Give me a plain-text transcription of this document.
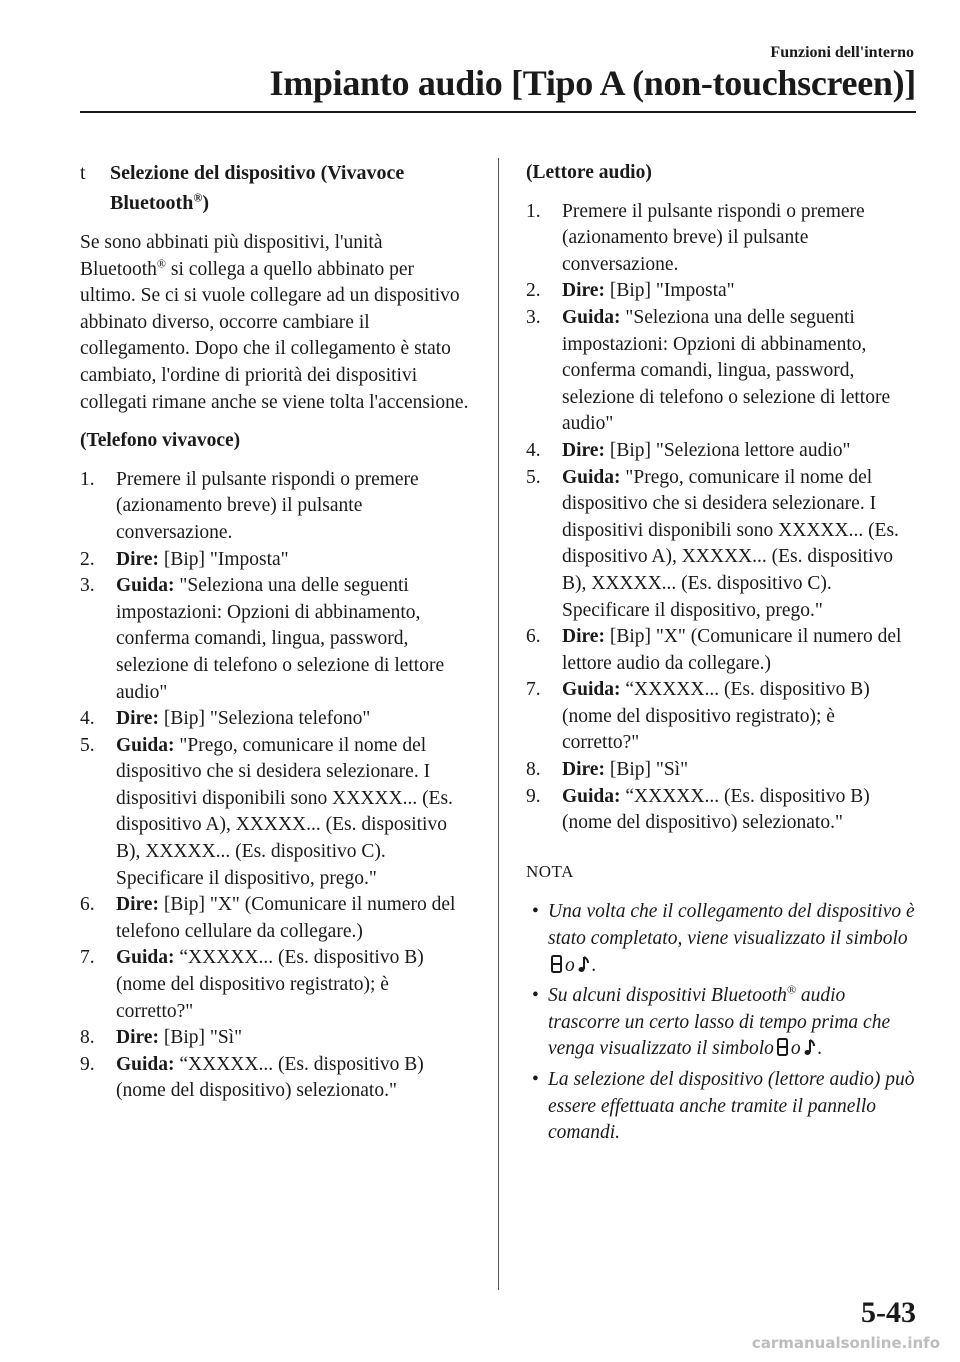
Funzioni dell'interno
Impianto audio [Tipo A (non-touchscreen)]
t Selezione del dispositivo (Vivavoce Bluetooth®)

Se sono abbinati più dispositivi, l'unità Bluetooth® si collega a quello abbinato per ultimo. Se ci si vuole collegare ad un dispositivo abbinato diverso, occorre cambiare il collegamento. Dopo che il collegamento è stato cambiato, l'ordine di priorità dei dispositivi collegati rimane anche se viene tolta l'accensione.

(Telefono vivavoce)
1. Premere il pulsante rispondi o premere (azionamento breve) il pulsante conversazione.
2. Dire: [Bip] "Imposta"
3. Guida: "Seleziona una delle seguenti impostazioni: Opzioni di abbinamento, conferma comandi, lingua, password, selezione di telefono o selezione di lettore audio"
4. Dire: [Bip] "Seleziona telefono"
5. Guida: "Prego, comunicare il nome del dispositivo che si desidera selezionare. I dispositivi disponibili sono XXXXX... (Es. dispositivo A), XXXXX... (Es. dispositivo B), XXXXX... (Es. dispositivo C). Specificare il dispositivo, prego."
6. Dire: [Bip] "X" (Comunicare il numero del telefono cellulare da collegare.)
7. Guida: “XXXXX... (Es. dispositivo B) (nome del dispositivo registrato); è corretto?"
8. Dire: [Bip] "Sì"
9. Guida: “XXXXX... (Es. dispositivo B) (nome del dispositivo) selezionato."
(Lettore audio)
1. Premere il pulsante rispondi o premere (azionamento breve) il pulsante conversazione.
2. Dire: [Bip] "Imposta"
3. Guida: "Seleziona una delle seguenti impostazioni: Opzioni di abbinamento, conferma comandi, lingua, password, selezione di telefono o selezione di lettore audio"
4. Dire: [Bip] "Seleziona lettore audio"
5. Guida: "Prego, comunicare il nome del dispositivo che si desidera selezionare. I dispositivi disponibili sono XXXXX... (Es. dispositivo A), XXXXX... (Es. dispositivo B), XXXXX... (Es. dispositivo C). Specificare il dispositivo, prego."
6. Dire: [Bip] "X" (Comunicare il numero del lettore audio da collegare.)
7. Guida: “XXXXX... (Es. dispositivo B) (nome del dispositivo registrato); è corretto?"
8. Dire: [Bip] "Sì"
9. Guida: “XXXXX... (Es. dispositivo B) (nome del dispositivo) selezionato."
NOTA
• Una volta che il collegamento del dispositivo è stato completato, viene visualizzato il simboloo .
• Su alcuni dispositivi Bluetooth® audio trascorre un certo lasso di tempo prima che venga visualizzato il simbolo o .
• La selezione del dispositivo (lettore audio) può essere effettuata anche tramite il pannello comandi.
5-43
carmanualsonline.info
